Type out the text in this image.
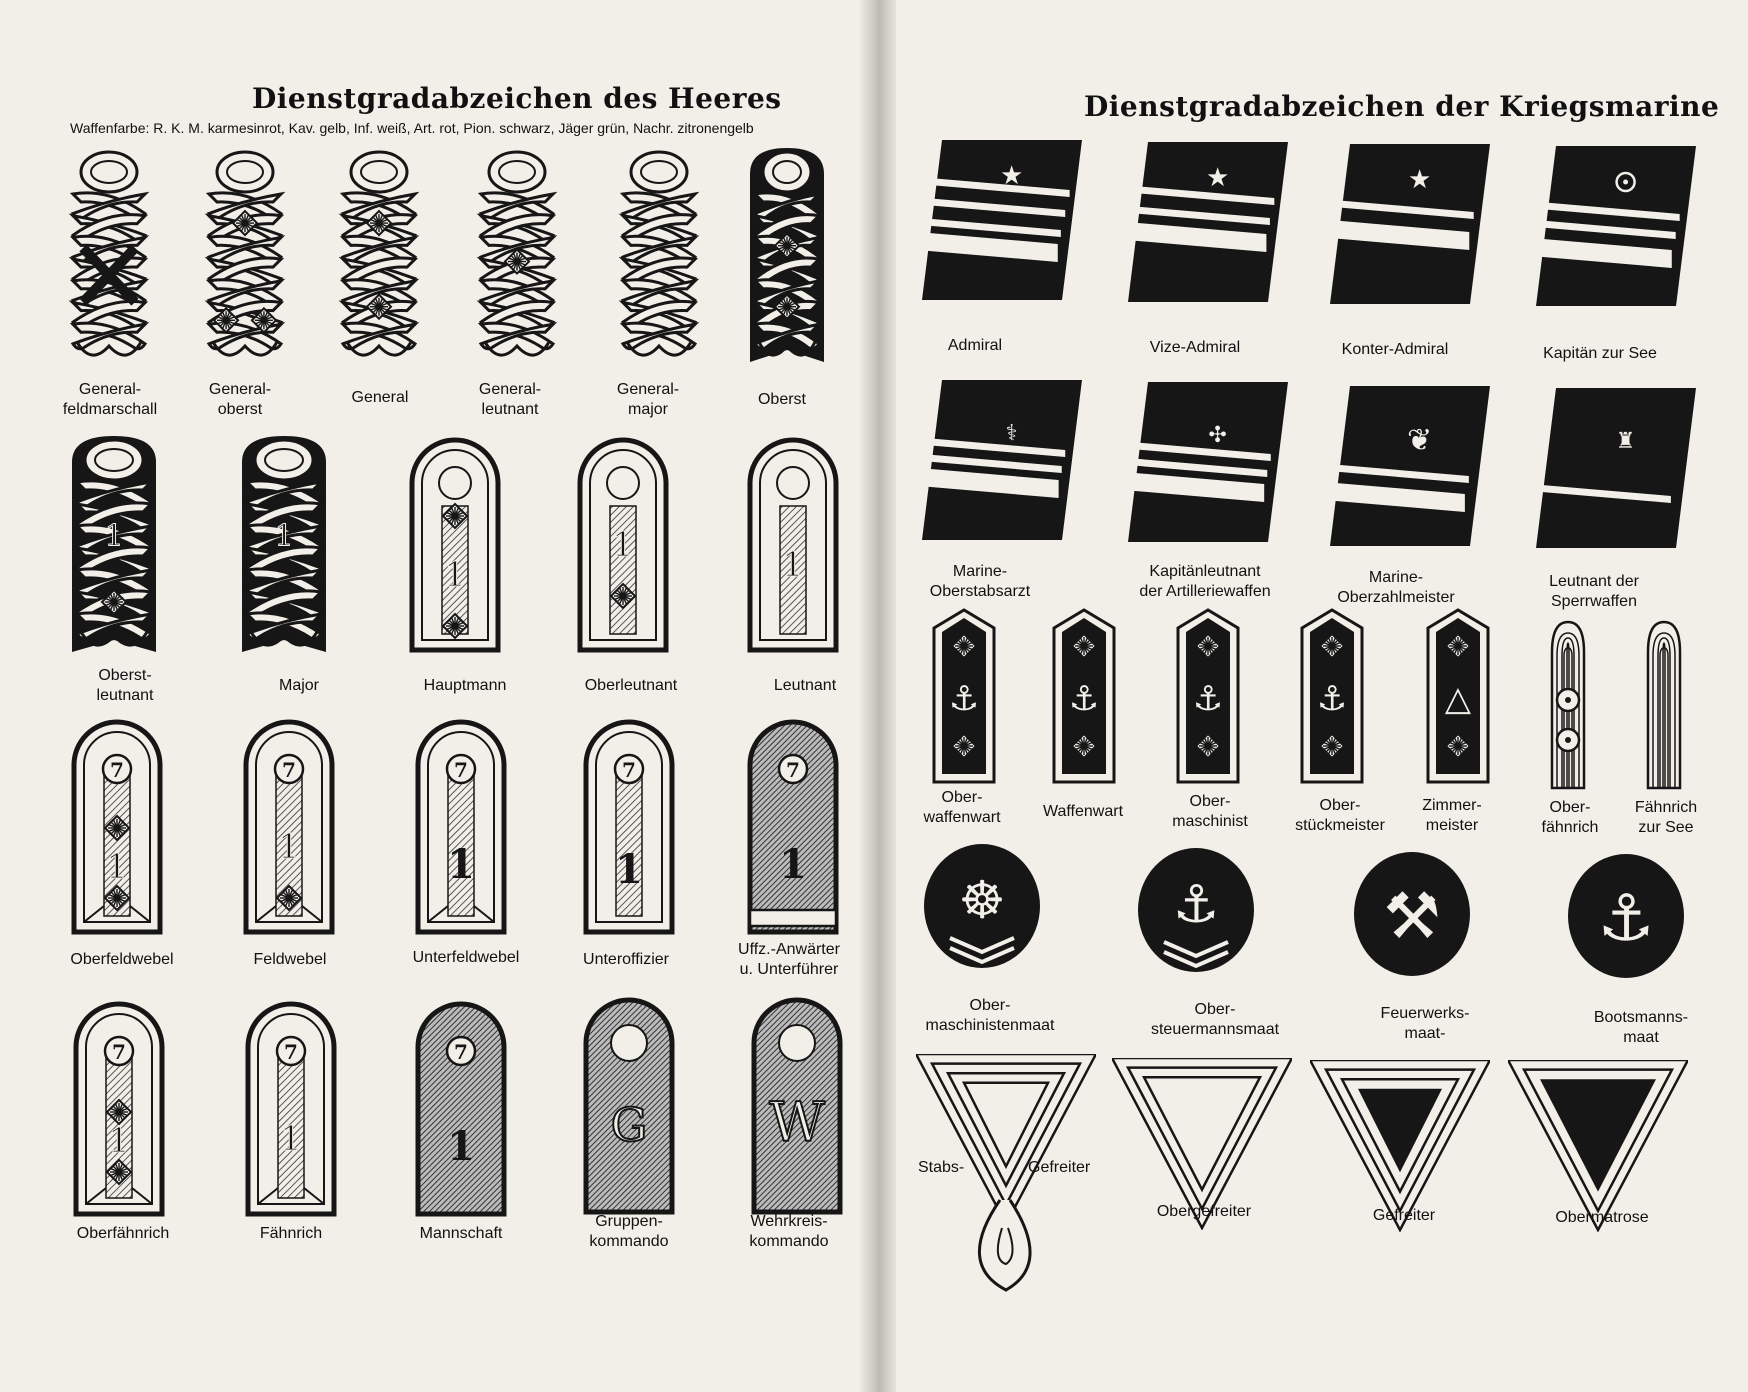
Dienstgradabzeichen des Heeres
Waffenfarbe: R. K. M. karmesinrot, Kav. gelb, Inf. weiß, Art. rot, Pion. schwarz, Jäger grün, Nachr. zitronengelb
Dienstgradabzeichen der Kriegsmarine
General-
feldmarschall
General-
oberst
General	General-
leutnant
General-
major
Oberst
1	1
1
1	1
Oberst-
leutnant
Major	Hauptmann	Oberleutnant	Leutnant
7
1
7
1
7
1
7
1
7
1
Oberfeldwebel	Feldwebel	Unterfeldwebel	Unteroffizier
Uffz.-Anwärter
u. Unterführer
7
1
7
1
7
1	G W
Oberfähnrich	Fähnrich	Mannschaft
Gruppen-
kommando
Wehrkreis-
kommando
★	★	★
Admiral	Vize-Admiral	Konter-Admiral	Kapitän zur See
⚕	✣	❦	♜
Marine-
Oberstabsarzt
Kapitänleutnant
der Artilleriewaffen
Marine-
Oberzahlmeister
Leutnant der
Sperrwaffen
⚓	⚓	⚓	⚓	△
Ober-
waffenwart	Waffenwart
Ober-
maschinist
Ober-
stückmeister
Zimmer-
meister
Ober-
fähnrich
Fähnrich
zur See
☸	⚓	⚒ ⚓
Ober-
maschinistenmaat
Ober-
steuermannsmaat
Feuerwerks-
maat-
Bootsmanns-
maat
Stabs-	Gefreiter
Obergefreiter	Gefreiter	Obermatrose
